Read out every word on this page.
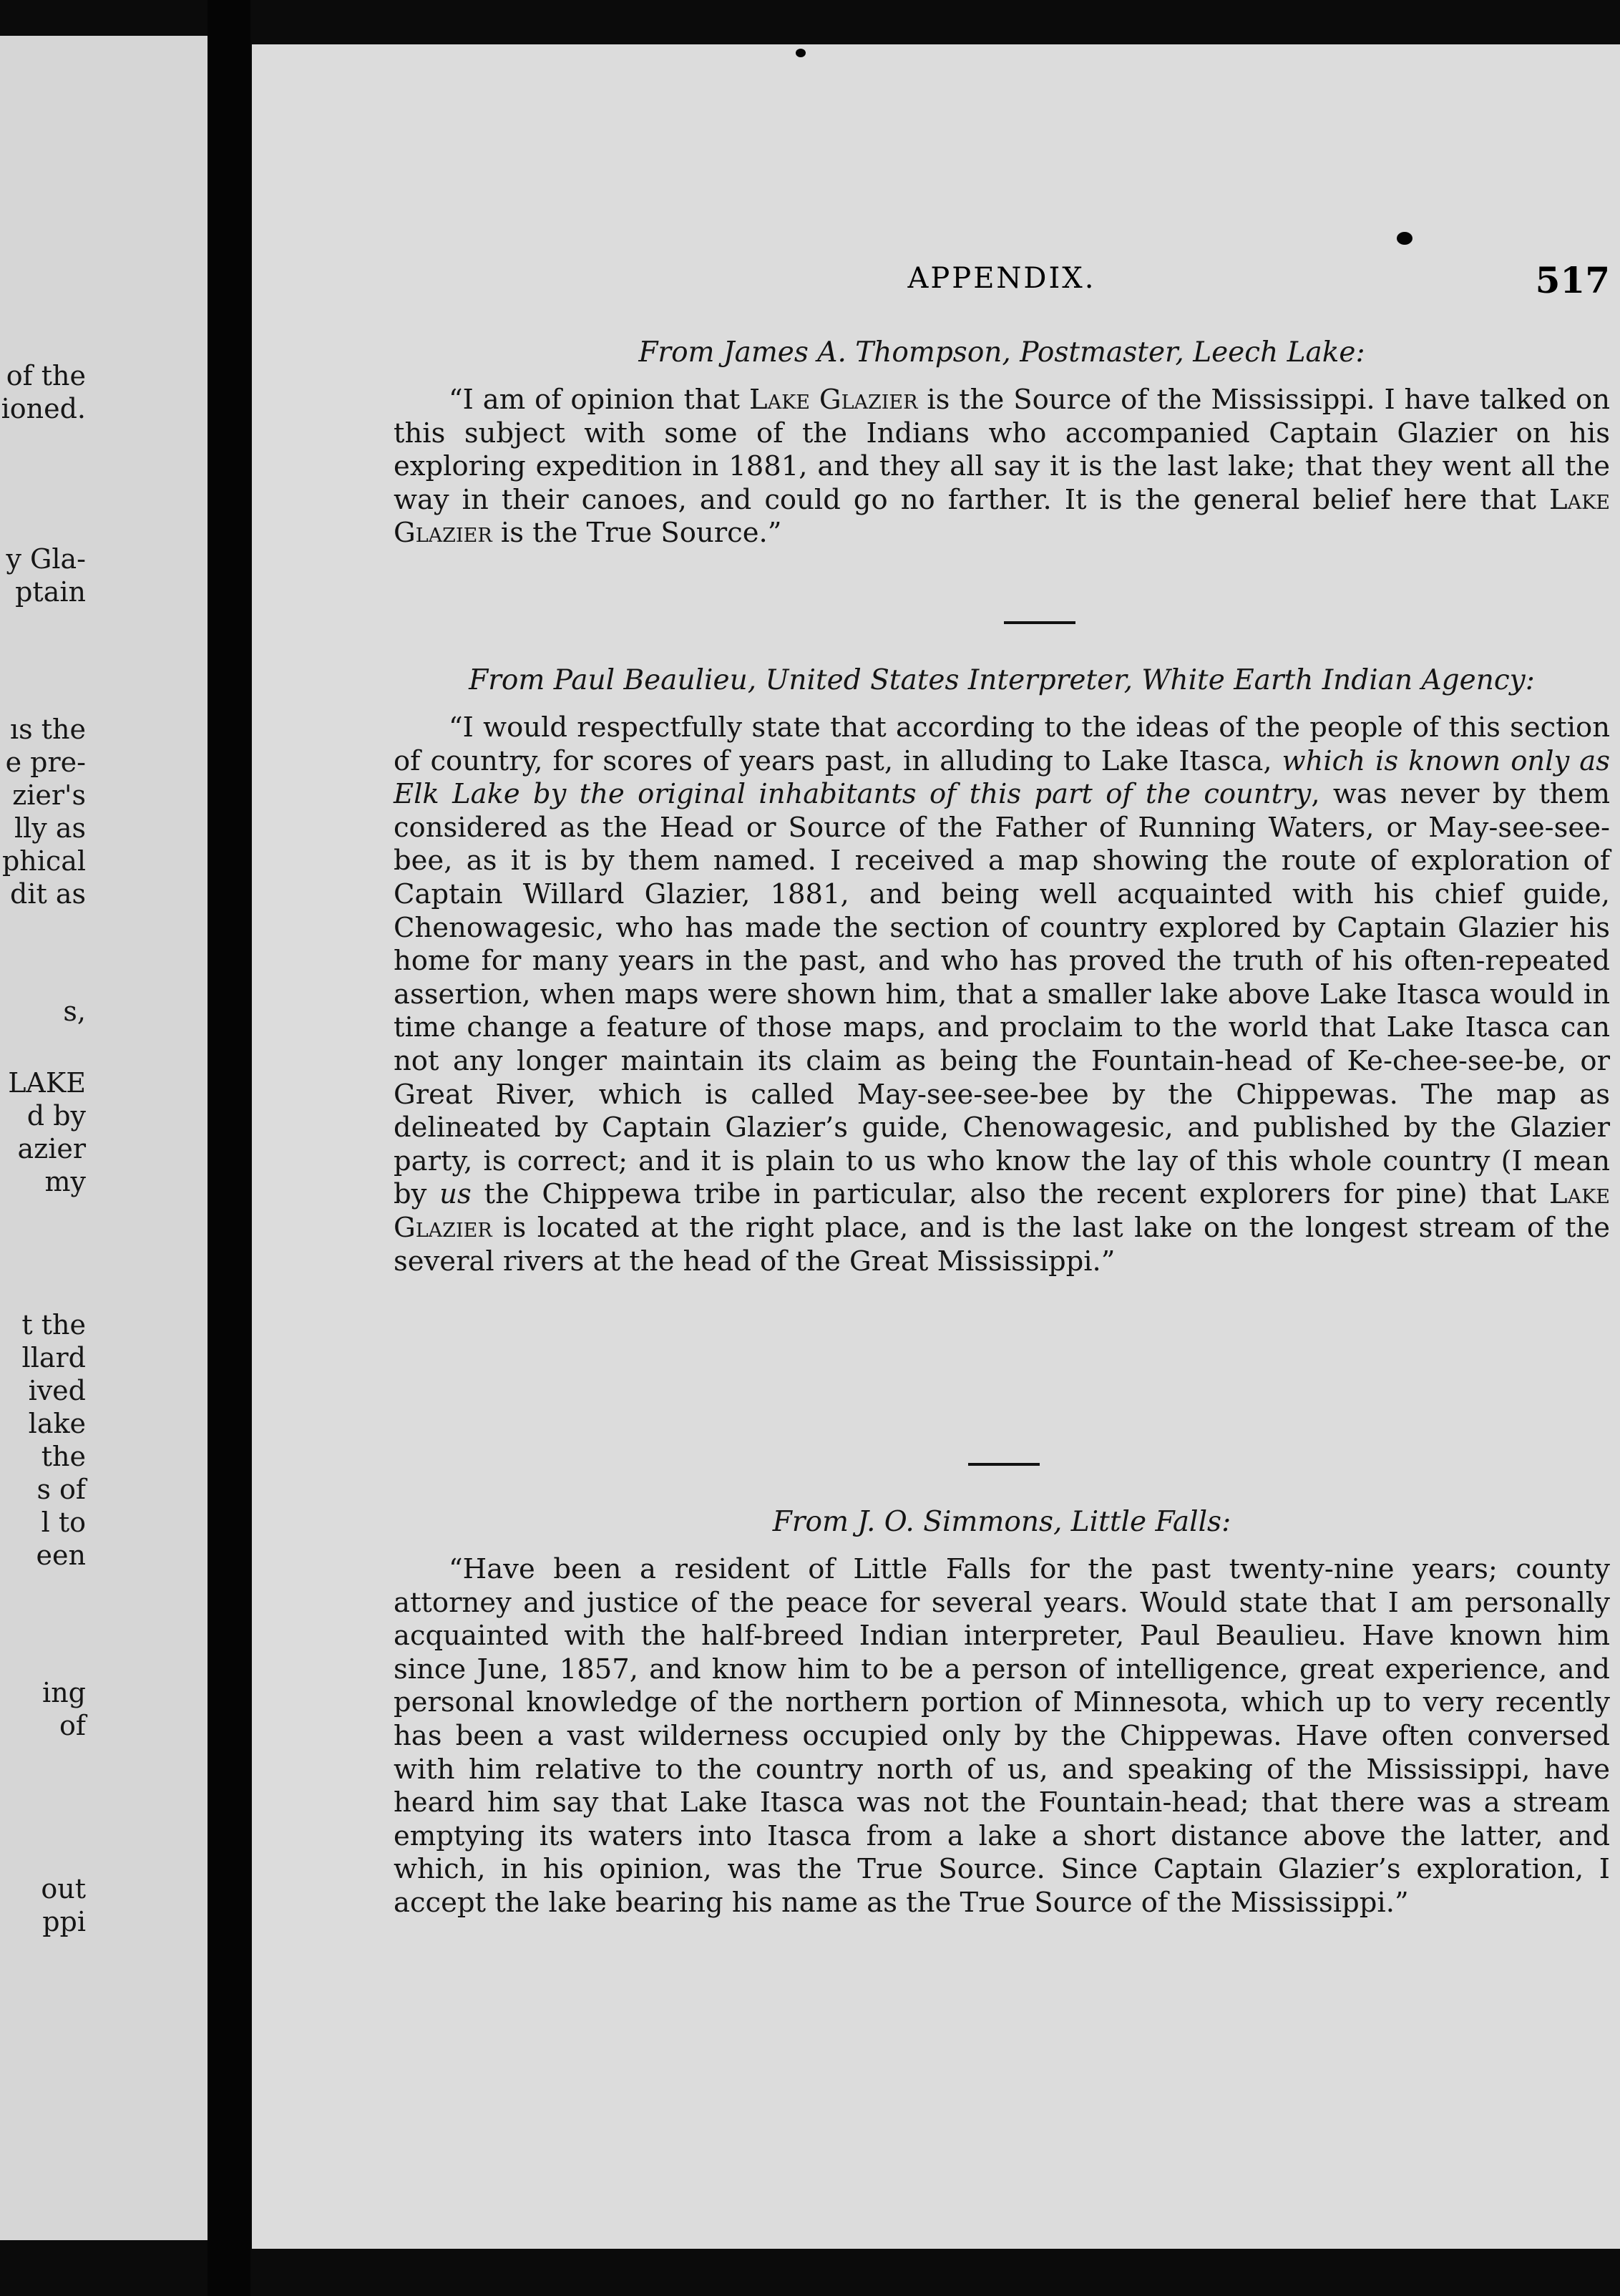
of the
ioned.
y Gla-
ptain
ıs the
e pre-
zier's
lly as
phical
dit as
s,
LAKE
d by
azier
my
t the
llard
ived
lake
the
s of
l to
een
ing
of
out
ppi
APPENDIX.	517
From James A. Thompson, Postmaster, Leech Lake:

“I am of opinion that Lake Glazier is the Source of the Mississippi. I have talked on this subject with some of the Indians who accompanied Captain Glazier on his exploring expedition in 1881, and they all say it is the last lake; that they went all the way in their canoes, and could go no farther. It is the general belief here that Lake Glazier is the True Source.”

From Paul Beaulieu, United States Interpreter, White Earth Indian Agency:

“I would respectfully state that according to the ideas of the people of this section of country, for scores of years past, in alluding to Lake Itasca, which is known only as Elk Lake by the original inhabitants of this part of the country, was never by them considered as the Head or Source of the Father of Running Waters, or May-see-see-bee, as it is by them named. I received a map showing the route of exploration of Captain Willard Glazier, 1881, and being well acquainted with his chief guide, Chenowagesic, who has made the section of country explored by Captain Glazier his home for many years in the past, and who has proved the truth of his often-repeated assertion, when maps were shown him, that a smaller lake above Lake Itasca would in time change a feature of those maps, and proclaim to the world that Lake Itasca can not any longer maintain its claim as being the Fountain-head of Ke-chee-see-be, or Great River, which is called May-see-see-bee by the Chippewas. The map as delineated by Captain Glazier’s guide, Chenowagesic, and published by the Glazier party, is correct; and it is plain to us who know the lay of this whole country (I mean by us the Chippewa tribe in particular, also the recent explorers for pine) that Lake Glazier is located at the right place, and is the last lake on the longest stream of the several rivers at the head of the Great Mississippi.”

From J. O. Simmons, Little Falls:

“Have been a resident of Little Falls for the past twenty-nine years; county attorney and justice of the peace for several years. Would state that I am personally acquainted with the half-breed Indian interpreter, Paul Beaulieu. Have known him since June, 1857, and know him to be a person of intelligence, great experience, and personal knowledge of the northern portion of Minnesota, which up to very recently has been a vast wilderness occupied only by the Chippewas. Have often conversed with him relative to the country north of us, and speaking of the Mississippi, have heard him say that Lake Itasca was not the Fountain-head; that there was a stream emptying its waters into Itasca from a lake a short distance above the latter, and which, in his opinion, was the True Source. Since Captain Glazier’s exploration, I accept the lake bearing his name as the True Source of the Mississippi.”
